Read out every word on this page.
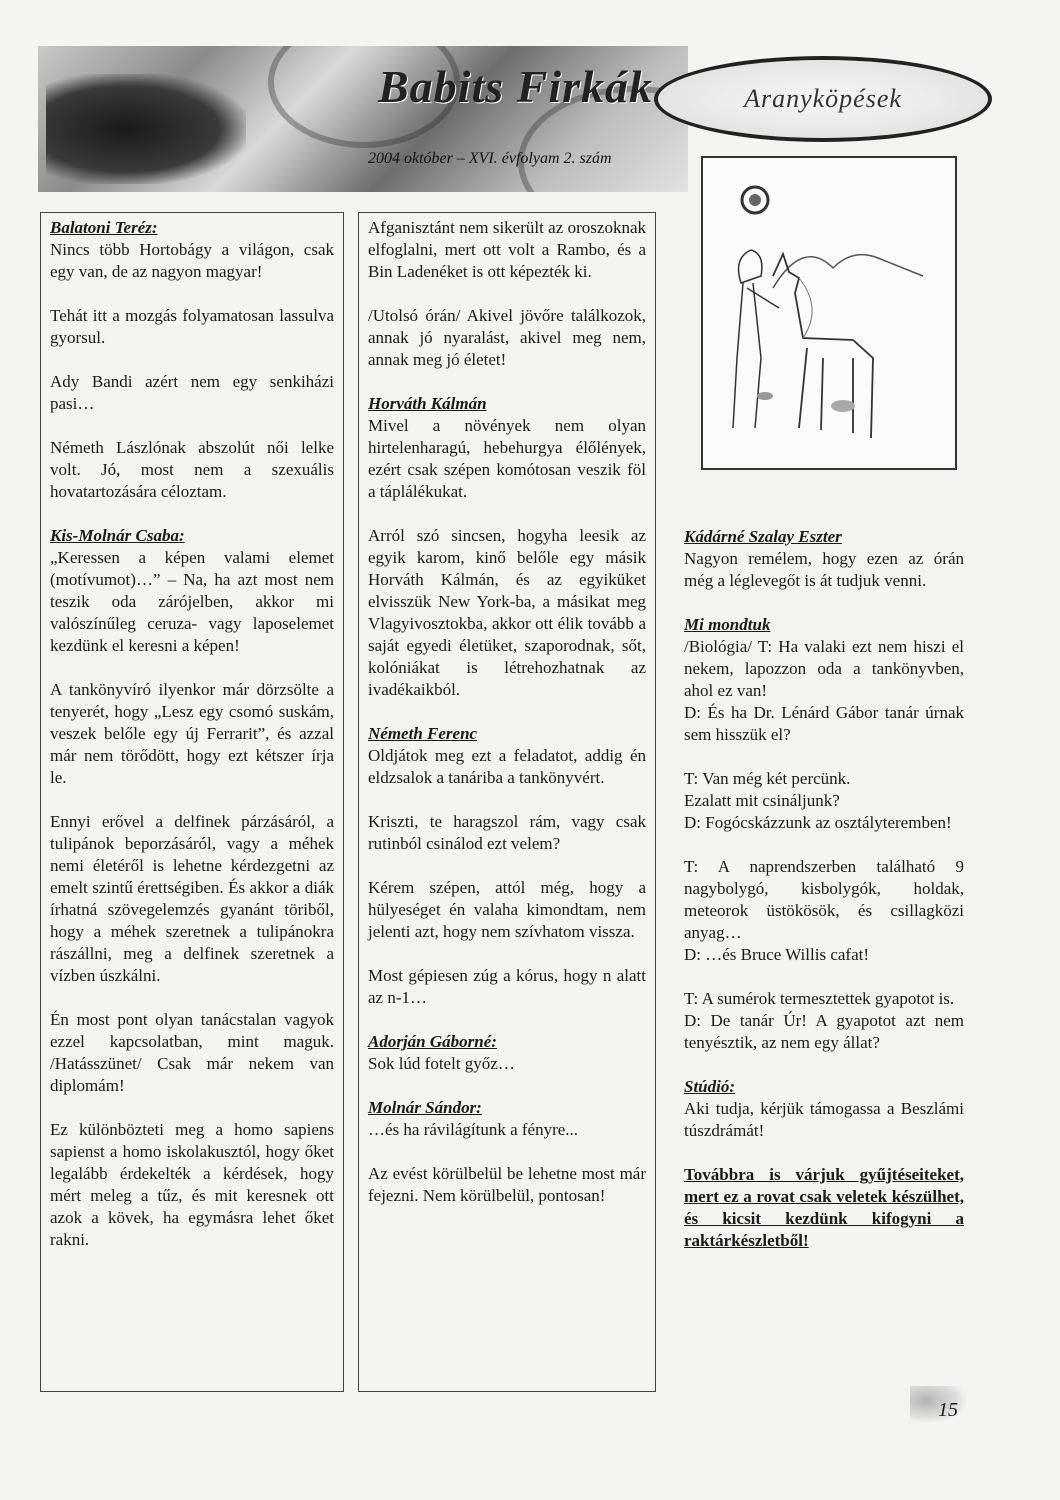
Babits Firkák
2004 október – XVI. évfolyam 2. szám
Aranyköpések
Balatoni Teréz:

Nincs több Hortobágy a világon, csak egy van, de az nagyon magyar!

Tehát itt a mozgás folyamatosan lassulva gyorsul.

Ady Bandi azért nem egy senkiházi pasi…

Németh Lászlónak abszolút női lelke volt. Jó, most nem a szexuális hovatartozására céloztam.

Kis-Molnár Csaba:

„Keressen a képen valami elemet (motívumot)…” – Na, ha azt most nem teszik oda zárójelben, akkor mi valószínűleg ceruza- vagy laposelemet kezdünk el keresni a képen!

A tankönyvíró ilyenkor már dörzsölte a tenyerét, hogy „Lesz egy csomó suskám, veszek belőle egy új Ferrarit”, és azzal már nem törődött, hogy ezt kétszer írja le.

Ennyi erővel a delfinek párzásáról, a tulipánok beporzásáról, vagy a méhek nemi életéről is lehetne kérdezgetni az emelt szintű érettségiben. És akkor a diák írhatná szövegelemzés gyanánt töriből, hogy a méhek szeretnek a tulipánokra rászállni, meg a delfinek szeretnek a vízben úszkálni.

Én most pont olyan tanácstalan vagyok ezzel kapcsolatban, mint maguk. /Hatásszünet/ Csak már nekem van diplomám!

Ez különbözteti meg a homo sapiens sapienst a homo iskolakusztól, hogy őket legalább érdekelték a kérdések, hogy mért meleg a tűz, és mit keresnek ott azok a kövek, ha egymásra lehet őket rakni.

Afganisztánt nem sikerült az oroszoknak elfoglalni, mert ott volt a Rambo, és a Bin Ladenéket is ott képezték ki.

/Utolsó órán/ Akivel jövőre találkozok, annak jó nyaralást, akivel meg nem, annak meg jó életet!

Horváth Kálmán

Mivel a növények nem olyan hirtelenharagú, hebehurgya élőlények, ezért csak szépen komótosan veszik föl a táplálékukat.

Arról szó sincsen, hogyha leesik az egyik karom, kinő belőle egy másik Horváth Kálmán, és az egyiküket elvisszük New York-ba, a másikat meg Vlagyivosztokba, akkor ott élik tovább a saját egyedi életüket, szaporodnak, sőt, kolóniákat is létrehozhatnak az ivadékaikból.

Németh Ferenc

Oldjátok meg ezt a feladatot, addig én eldzsalok a tanáriba a tankönyvért.

Kriszti, te haragszol rám, vagy csak rutinból csinálod ezt velem?

Kérem szépen, attól még, hogy a hülyeséget én valaha kimondtam, nem jelenti azt, hogy nem szívhatom vissza.

Most gépiesen zúg a kórus, hogy n alatt az n-1…

Adorján Gáborné:

Sok lúd fotelt győz…

Molnár Sándor:

…és ha rávilágítunk a fényre...

Az evést körülbelül be lehetne most már fejezni. Nem körülbelül, pontosan!

Kádárné Szalay Eszter

Nagyon remélem, hogy ezen az órán még a léglevegőt is át tudjuk venni.

Mi mondtuk

/Biológia/ T: Ha valaki ezt nem hiszi el nekem, lapozzon oda a tankönyvben, ahol ez van!

D: És ha Dr. Lénárd Gábor tanár úrnak sem hisszük el?

T: Van még két percünk.

Ezalatt mit csináljunk?

D: Fogócskázzunk az osztályteremben!

T: A naprendszerben található 9 nagybolygó, kisbolygók, holdak, meteorok üstökösök, és csillagközi anyag…

D: …és Bruce Willis cafat!

T: A sumérok termesztettek gyapotot is.

D: De tanár Úr! A gyapotot azt nem tenyésztik, az nem egy állat?

Stúdió:

Aki tudja, kérjük támogassa a Beszlámi túszdrámát!

Továbbra is várjuk gyűjtéseiteket, mert ez a rovat csak veletek készülhet, és kicsit kezdünk kifogyni a raktárkészletből!

15
